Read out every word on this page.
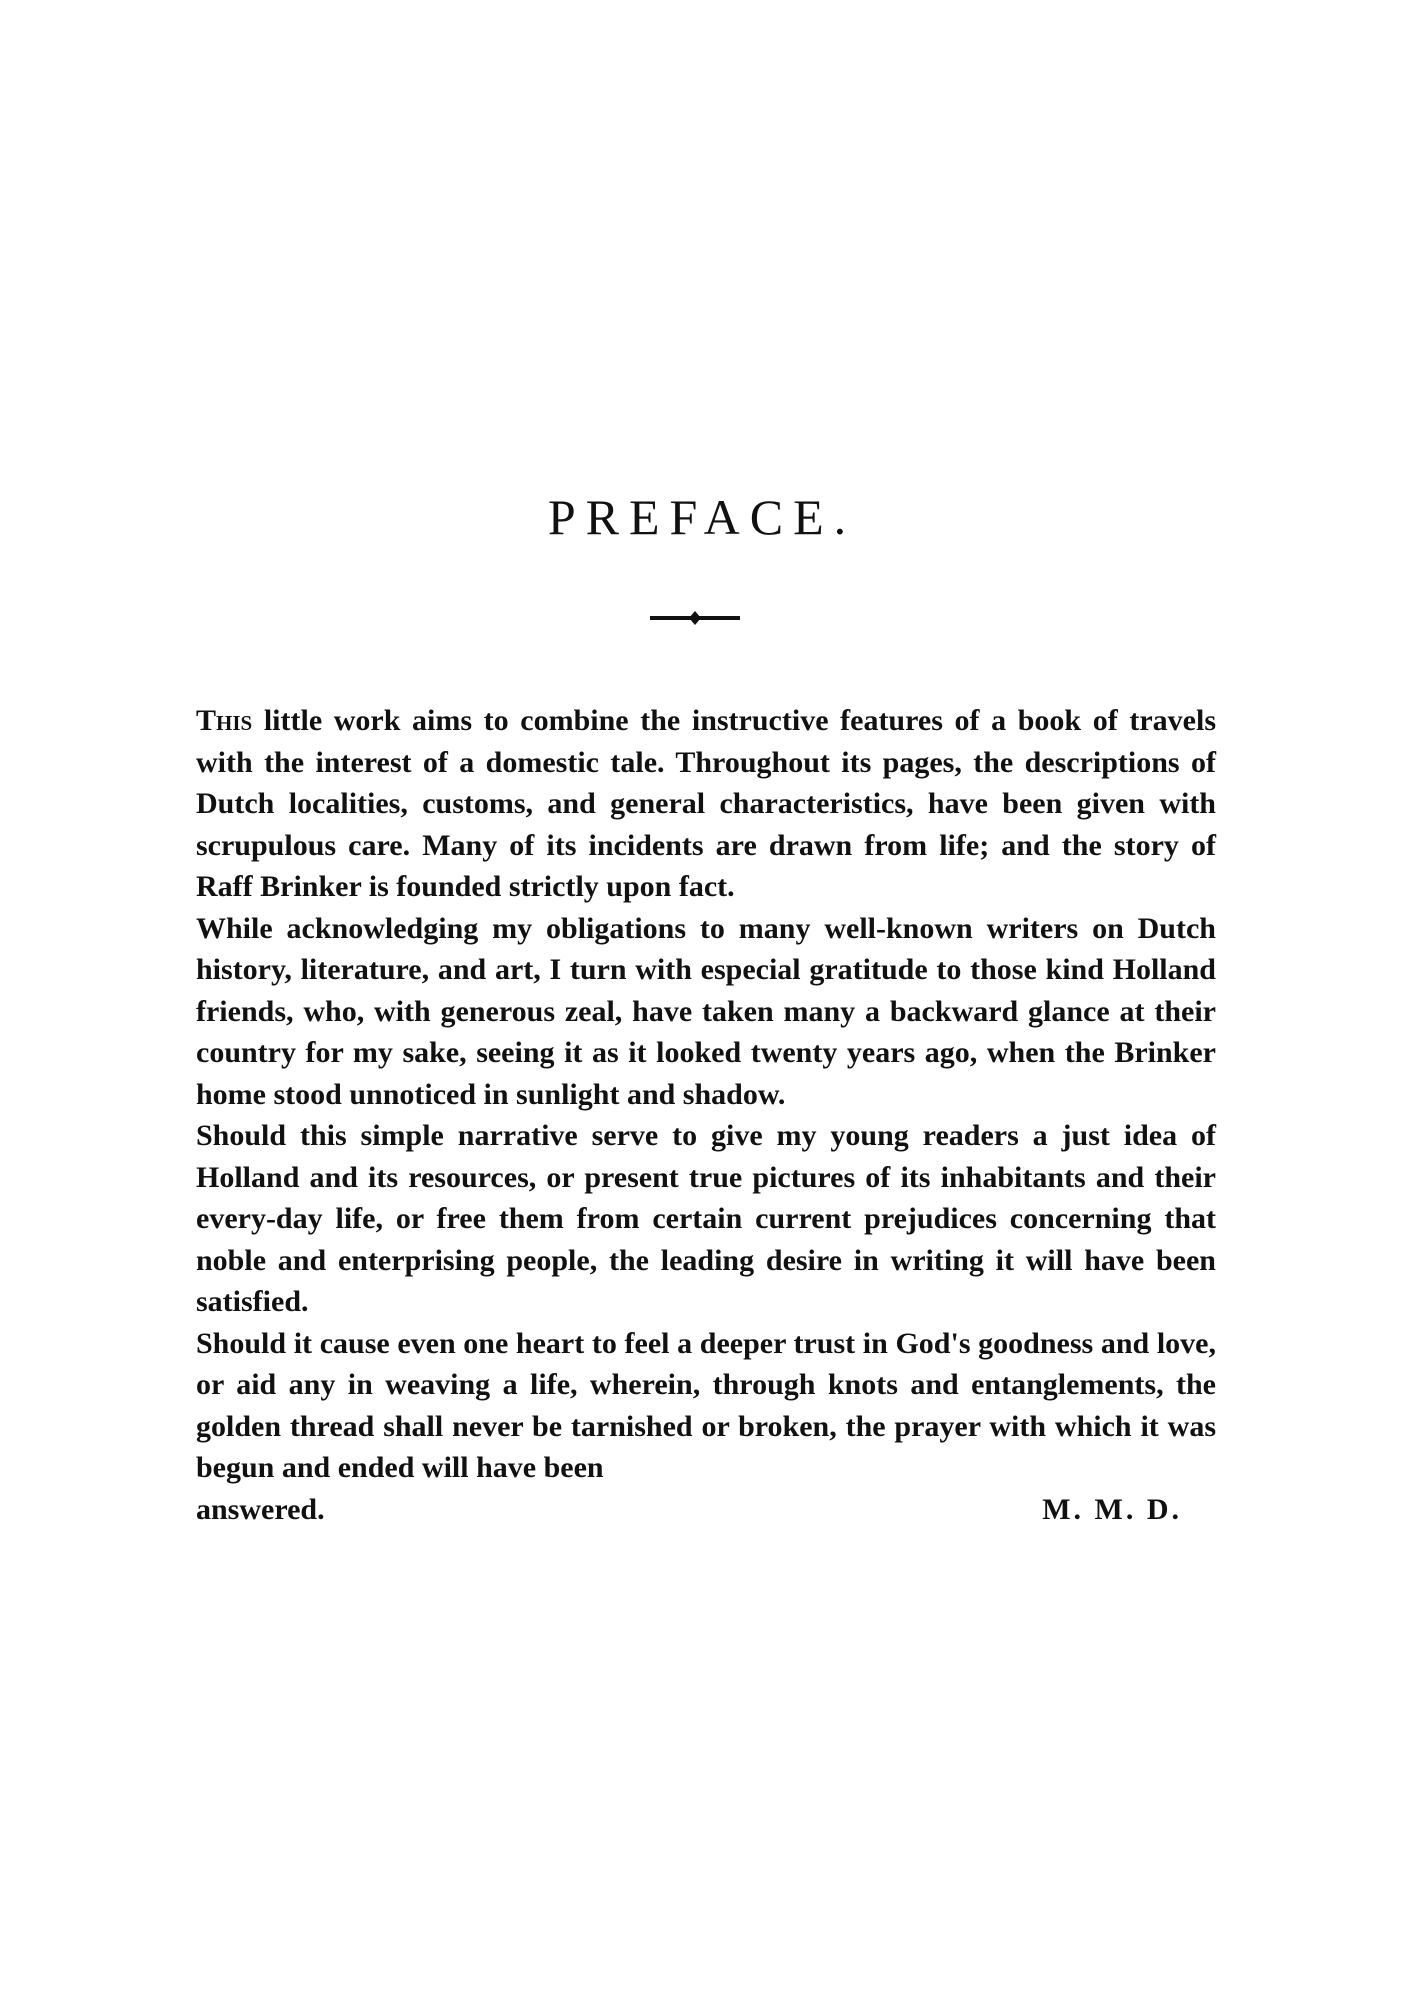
PREFACE.

This little work aims to combine the instructive features of a book of travels with the interest of a domestic tale. Throughout its pages, the descriptions of Dutch localities, customs, and general characteristics, have been given with scrupulous care. Many of its incidents are drawn from life; and the story of Raff Brinker is founded strictly upon fact.

While acknowledging my obligations to many well-known writers on Dutch history, literature, and art, I turn with especial gratitude to those kind Holland friends, who, with generous zeal, have taken many a backward glance at their country for my sake, seeing it as it looked twenty years ago, when the Brinker home stood unnoticed in sunlight and shadow.

Should this simple narrative serve to give my young readers a just idea of Holland and its resources, or present true pictures of its inhabitants and their every-day life, or free them from certain current prejudices concerning that noble and enterprising people, the leading desire in writing it will have been satisfied.

Should it cause even one heart to feel a deeper trust in God's goodness and love, or aid any in weaving a life, wherein, through knots and entanglements, the golden thread shall never be tarnished or broken, the prayer with which it was begun and ended will have been

answered.	M. M. D.
